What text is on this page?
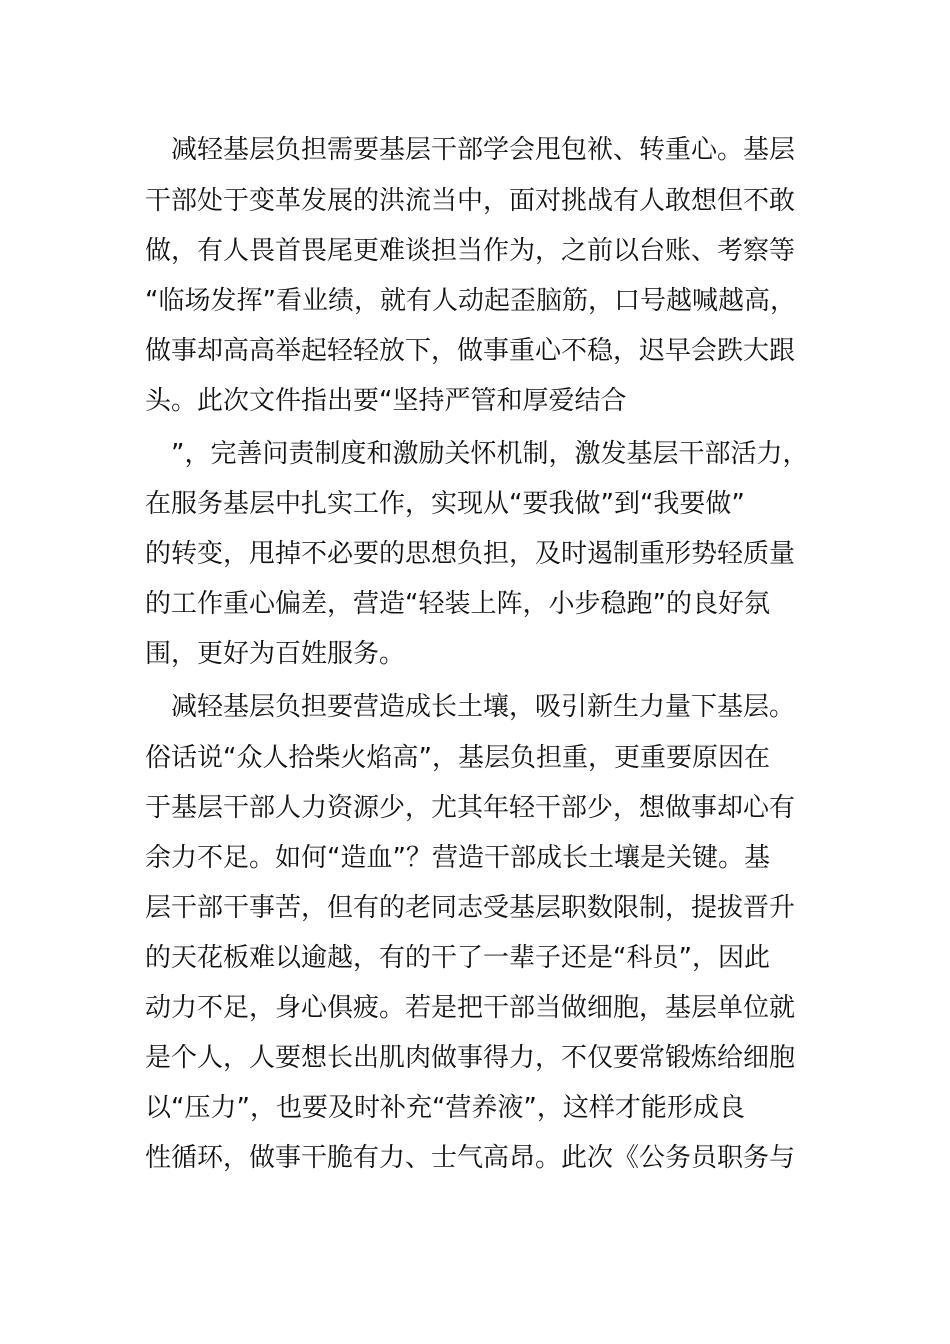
　减轻基层负担需要基层干部学会甩包袱、转重心。基层
干部处于变革发展的洪流当中，面对挑战有人敢想但不敢
做，有人畏首畏尾更难谈担当作为，之前以台账、考察等
“临场发挥”看业绩，就有人动起歪脑筋，口号越喊越高，
做事却高高举起轻轻放下，做事重心不稳，迟早会跌大跟
头。此次文件指出要“坚持严管和厚爱结合
　”，完善问责制度和激励关怀机制，激发基层干部活力，
在服务基层中扎实工作，实现从“要我做”到“我要做”
的转变，甩掉不必要的思想负担，及时遏制重形势轻质量
的工作重心偏差，营造“轻装上阵，小步稳跑”的良好氛
围，更好为百姓服务。
　减轻基层负担要营造成长土壤，吸引新生力量下基层。
俗话说“众人拾柴火焰高”，基层负担重，更重要原因在
于基层干部人力资源少，尤其年轻干部少，想做事却心有
余力不足。如何“造血”？营造干部成长土壤是关键。基
层干部干事苦，但有的老同志受基层职数限制，提拔晋升
的天花板难以逾越，有的干了一辈子还是“科员”，因此
动力不足，身心俱疲。若是把干部当做细胞，基层单位就
是个人，人要想长出肌肉做事得力，不仅要常锻炼给细胞
以“压力”，也要及时补充“营养液”，这样才能形成良
性循环，做事干脆有力、士气高昂。此次《公务员职务与
